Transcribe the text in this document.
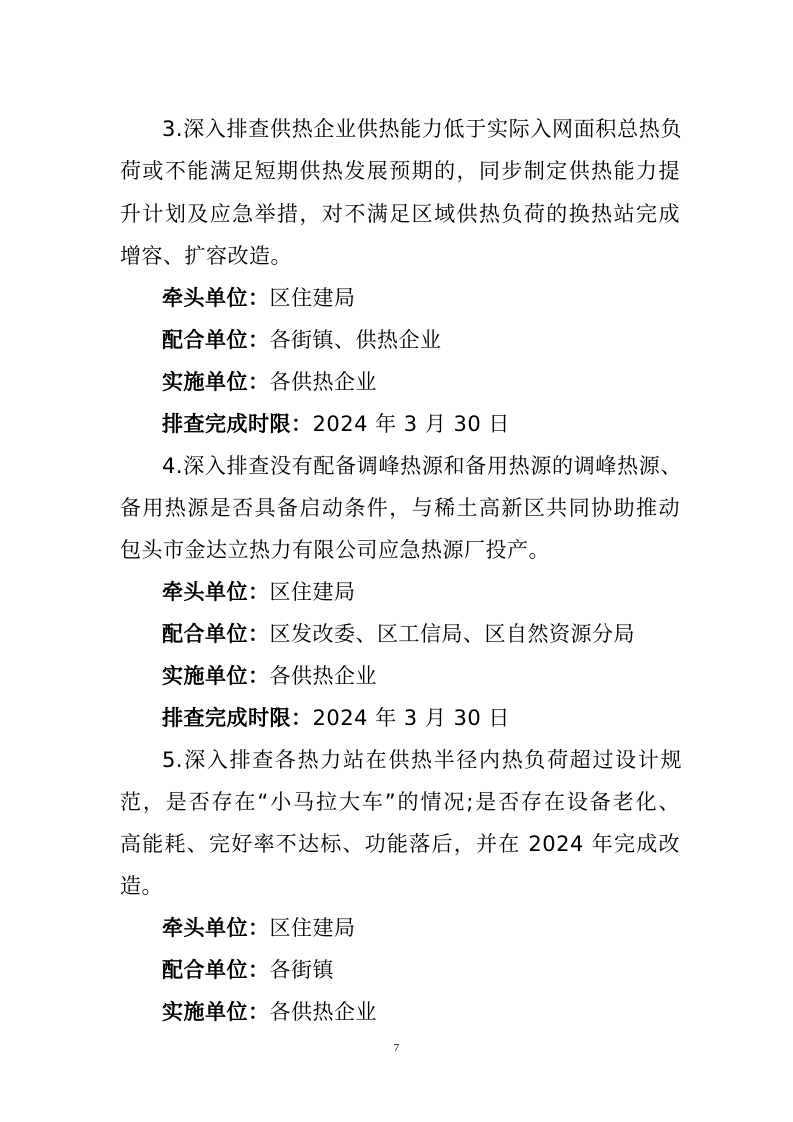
3.深入排查供热企业供热能力低于实际入网面积总热负
荷或不能满足短期供热发展预期的，同步制定供热能力提
升计划及应急举措，对不满足区域供热负荷的换热站完成
增容、扩容改造。
牵头单位：区住建局
配合单位：各街镇、供热企业
实施单位：各供热企业
排查完成时限：2024 年 3 月 30 日
4.深入排查没有配备调峰热源和备用热源的调峰热源、
备用热源是否具备启动条件，与稀土高新区共同协助推动
包头市金达立热力有限公司应急热源厂投产。
牵头单位：区住建局
配合单位：区发改委、区工信局、区自然资源分局
实施单位：各供热企业
排查完成时限：2024 年 3 月 30 日
5.深入排查各热力站在供热半径内热负荷超过设计规
范，是否存在“小马拉大车”的情况;是否存在设备老化、
高能耗、完好率不达标、功能落后，并在 2024 年完成改
造。
牵头单位：区住建局
配合单位：各街镇
实施单位：各供热企业
7
